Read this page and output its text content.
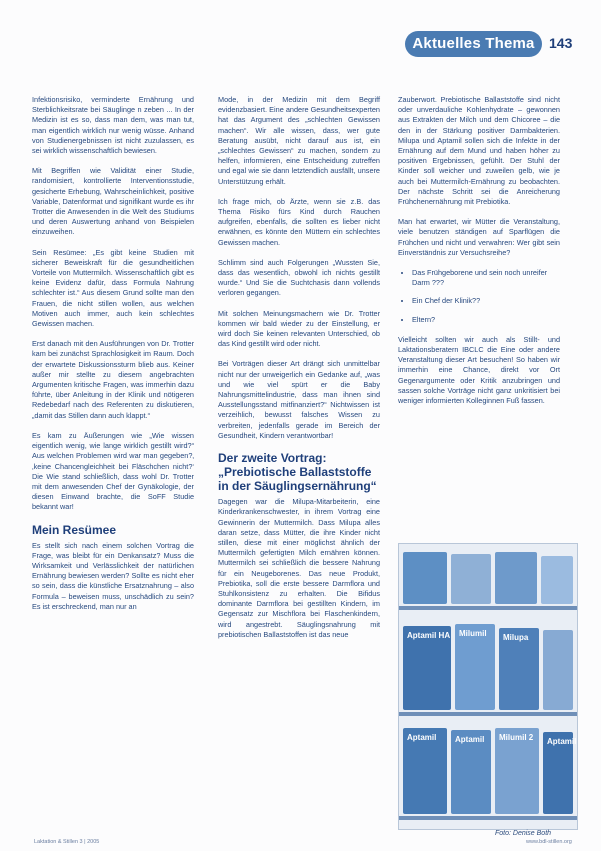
Aktuelles Thema	143

Infektionsrisiko, verminderte Ernährung und Sterblichkeitsrate bei Säuglinge n zeben ... In der Medizin ist es so, dass man dem, was man tut, man eigentlich wirklich nur wenig wüsse. Anhand von Studienergebnissen ist nicht zuzulassen, es sei wirklich wissenschaftlich bewiesen.

Mit Begriffen wie Validität einer Studie, randomisiert, kontrollierte Interventionsstudie, gesicherte Erhebung, Wahrscheinlichkeit, positive Variable, Datenformat und signifikant wurde es ihr Trotter die Anwesenden in die Welt des Studiums und deren Auswertung anhand von Beispielen einzuweihen.

Sein Resümee: „Es gibt keine Studien mit sicherer Beweiskraft für die gesundheitlichen Vorteile von Muttermilch. Wissenschaftlich gibt es keine Evidenz dafür, dass Formula Nahrung schlechter ist.“ Aus diesem Grund sollte man den Frauen, die nicht stillen wollen, aus welchen Motiven auch immer, auch kein schlechtes Gewissen machen.

Erst danach mit den Ausführungen von Dr. Trotter kam bei zunächst Sprachlosigkeit im Raum. Doch der erwartete Diskussionssturm blieb aus. Keiner außer mir stellte zu diesem angebrachten Argumenten kritische Fragen, was immerhin dazu führte, über Anleitung in der Klinik und nötigeren Redebedarf nach des Referenten zu diskutieren, „damit das Stillen dann auch klappt.“

Es kam zu Äußerungen wie „Wie wissen eigentlich wenig, wie lange wirklich gestillt wird?“ Aus welchen Problemen wird war man gegeben?‚ ‚keine Chancengleichheit bei Fläschchen nicht?‘ Die Wie stand schließlich, dass wohl Dr. Trotter mit dem anwesenden Chef der Gynäkologie, der diesen Einwand brachte, die SoFF Studie bekannt war!

Mein Resümee

Es stellt sich nach einem solchen Vortrag die Frage, was bleibt für ein Denkansatz? Muss die Wirksamkeit und Verlässlichkeit der natürlichen Ernährung bewiesen werden? Sollte es nicht eher so sein, dass die künstliche Ersatznahrung – also Formula – beweisen muss, unschädlich zu sein? Es ist erschreckend, man nur an

Mode, in der Medizin mit dem Begriff evidenzbasiert. Eine andere Gesundheitsexperten hat das Argument des „schlechten Gewissen machen“. Wir alle wissen, dass, wer gute Beratung ausübt, nicht darauf aus ist, ein „schlechtes Gewissen“ zu machen, sondern zu helfen, informieren, eine Entscheidung zutreffen und egal wie sie dann letztendlich ausfällt, unsere Unterstützung erhält.

Ich frage mich, ob Ärzte, wenn sie z.B. das Thema Risiko fürs Kind durch Rauchen aufgreifen, ebenfalls, die sollten es lieber nicht erwähnen, es könnte den Müttern ein schlechtes Gewissen machen.

Schlimm sind auch Folgerungen „Wussten Sie, dass das wesentlich, obwohl ich nichts gestillt wurde.“ Und Sie die Suchtchasis dann vollends verloren gegangen.

Mit solchen Meinungsmachern wie Dr. Trotter kommen wir bald wieder zu der Einstellung, er wird doch Sie keinen relevanten Unterschied, ob das Kind gestillt wird oder nicht.

Bei Vorträgen dieser Art drängt sich unmittelbar nicht nur der unweigerlich ein Gedanke auf, „was und wie viel spürt er die Baby Nahrungsmittelindustrie, dass man ihnen sind Ausstellungsstand mitfinanziert?“ Nichtwissen ist verzeihlich, bewusst falsches Wissen zu verbreiten, jedenfalls gerade im Bereich der Gesundheit, Kindern verantwortbar!

Der zweite Vortrag: „Prebiotische Ballaststoffe in der Säuglingsernährung“

Dagegen war die Milupa-Mitarbeiterin, eine Kinderkrankenschwester, in ihrem Vortrag eine Gewinnerin der Muttermilch. Dass Milupa alles daran setze, dass Mütter, die ihre Kinder nicht stillen, diese mit einer möglichst ähnlich der Muttermilch gefertigten Milch ernähren können. Muttermilch sei schließlich die bessere Nahrung für ein Neugeborenes. Das neue Produkt, Prebiotika, soll die erste bessere Darmflora und Stuhlkonsistenz zu erhalten. Die Bifidus dominante Darmflora bei gestillten Kindern, im Gegensatz zur Mischflora bei Flaschenkindern, wird angestrebt. Säuglingsnahrung mit prebiotischen Ballaststoffen ist das neue

Zauberwort. Prebiotische Ballaststoffe sind nicht oder unverdauliche Kohlenhydrate – gewonnen aus Extrakten der Milch und dem Chicoree – die den in der Stärkung positiver Darmbakterien. Milupa und Aptamil sollen sich die Infekte in der Ernährung auf dem Mund und haben höher zu positiven Ergebnissen, gefühlt. Der Stuhl der Kinder soll weicher und zuweilen gelb, wie je auch bei Muttermilch-Ernährung zu beobachten. Der nächste Schritt sei die Anreicherung Frühchenernährung mit Prebiotika.

Man hat erwartet, wir Mütter die Veranstaltung, viele benutzen ständigen auf Sparflügen die Frühchen und nicht und verwahren: Wer gibt sein Einverständnis zur Versuchsreihe?

• Das Frühgeborene und sein noch unreifer Darm ???
• Ein Chef der Klinik??
• Eltern?

Vielleicht sollten wir auch als Stillt- und Laktationsberatern IBCLC die Eine oder andere Veranstaltung dieser Art besuchen! So haben wir immerhin eine Chance, direkt vor Ort Gegenargumente oder Kritik anzubringen und sassen solche Vorträge nicht ganz unkritisiert bei weniger informierten Kolleginnen Fuß fassen.

Aptamil HA Milumil Milupa
Aptamil Aptamil Milumil 2 Aptamil
Foto: Denise Both
Laktation & Stillen 3 | 2005	www.bdl-stillen.org
